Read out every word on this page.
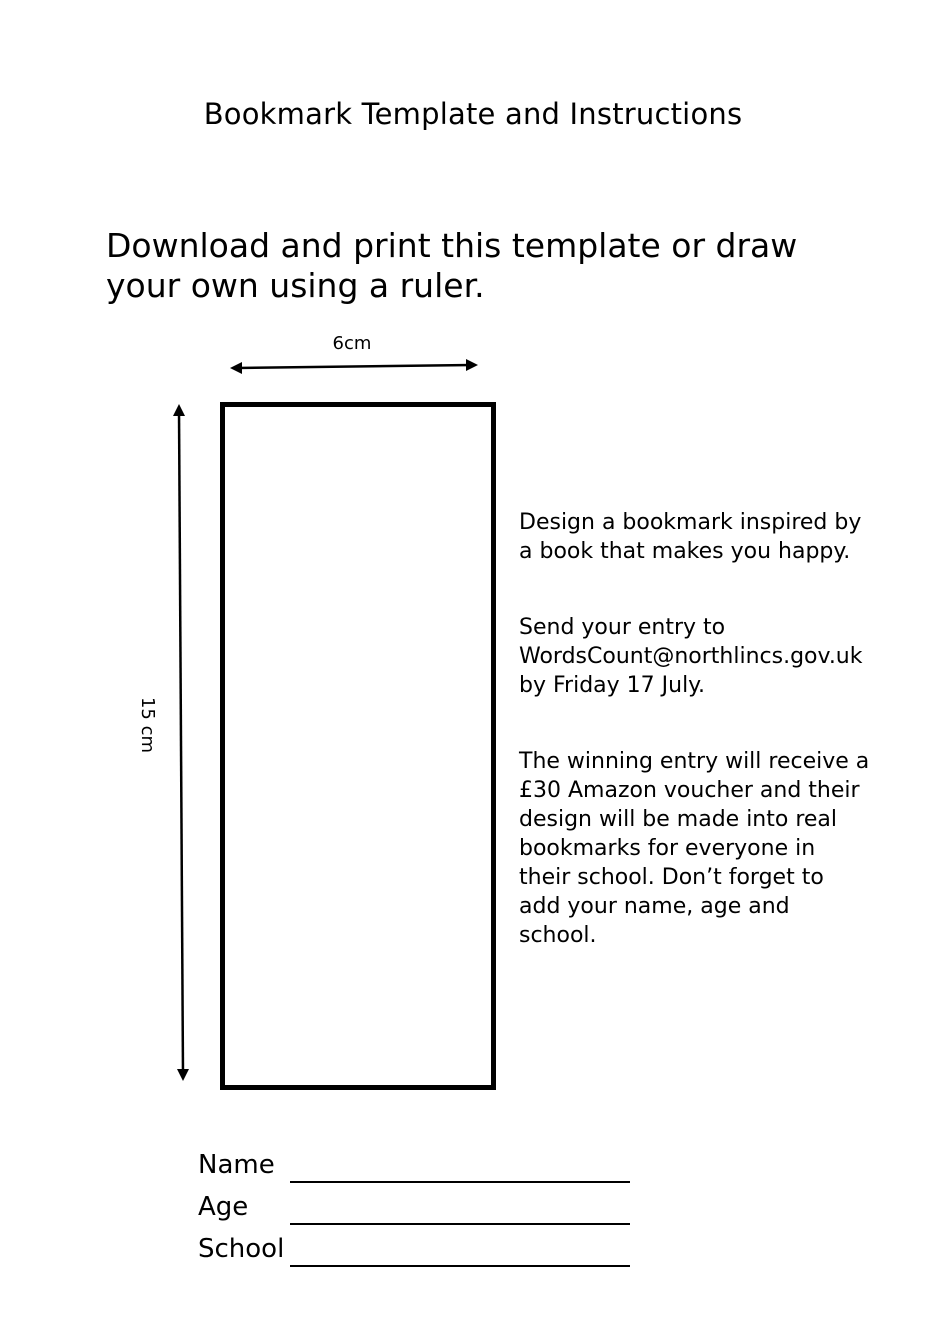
Bookmark Template and Instructions
Download and print this template or draw
your own using a ruler.
6cm
15 cm

Design a bookmark inspired by
a book that makes you happy.

Send your entry to
WordsCount@northlincs.gov.uk
by Friday 17 July.

The winning entry will receive a
£30 Amazon voucher and their
design will be made into real
bookmarks for everyone in
their school. Don’t forget to
add your name, age and
school.

Name
Age
School
